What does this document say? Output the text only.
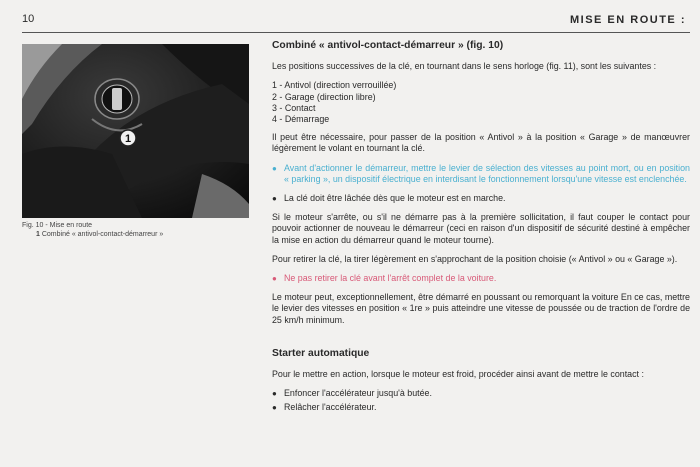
10	MISE EN ROUTE :
1
Fig. 10 - Mise en route
1 Combiné « antivol-contact-démarreur »
Combiné « antivol-contact-démarreur » (fig. 10)

Les positions successives de la clé, en tournant dans le sens horloge (fig. 11), sont les suivantes :

1 - Antivol (direction verrouillée)
2 - Garage (direction libre)
3 - Contact
4 - Démarrage

Il peut être nécessaire, pour passer de la position « Antivol » à la position « Garage » de manœuvrer légèrement le volant en tournant la clé.

● Avant d'actionner le démarreur, mettre le levier de sélection des vitesses au point mort, ou en position « parking », un dispositif électrique en interdisant le fonctionnement lorsqu'une vitesse est enclenchée.
● La clé doit être lâchée dès que le moteur est en marche.

Si le moteur s'arrête, ou s'il ne démarre pas à la première sollicitation, il faut couper le contact pour pouvoir actionner de nouveau le démarreur (ceci en raison d'un dispositif de sécurité destiné à empêcher la mise en action du démarreur quand le moteur tourne).

Pour retirer la clé, la tirer légèrement en s'approchant de la position choisie (« Antivol » ou « Garage »).

● Ne pas retirer la clé avant l'arrêt complet de la voiture.

Le moteur peut, exceptionnellement, être démarré en poussant ou remorquant la voiture En ce cas, mettre le levier des vitesses en position « 1re » puis atteindre une vitesse de poussée ou de traction de l'ordre de 25 km/h minimum.

Starter automatique

Pour le mettre en action, lorsque le moteur est froid, procéder ainsi avant de mettre le contact :

● Enfoncer l'accélérateur jusqu'à butée.
● Relâcher l'accélérateur.
